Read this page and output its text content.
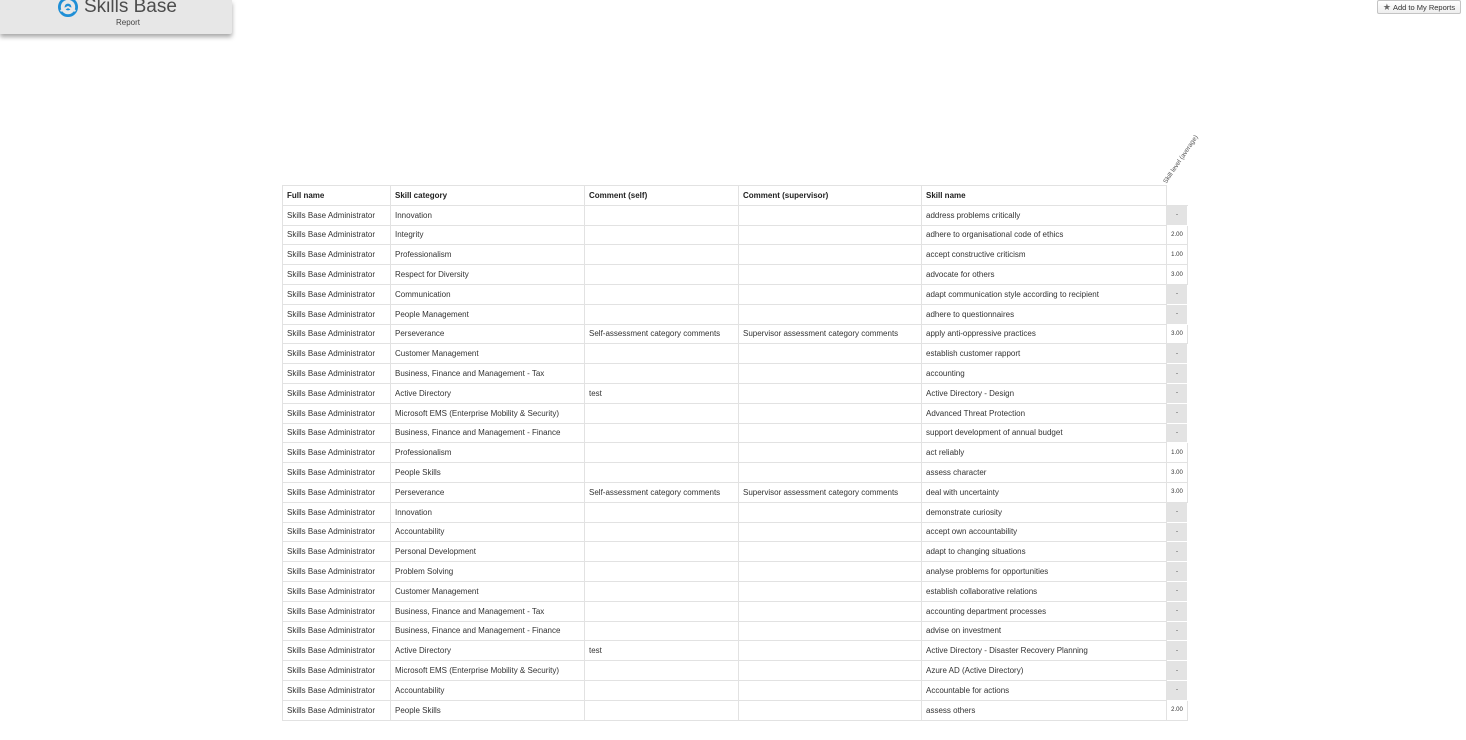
Skills Base
Report
★ Add to My Reports
Skill level (average)
Full name	Skill category	Comment (self)	Comment (supervisor)	Skill name	
Skills Base Administrator	Innovation			address problems critically	-
Skills Base Administrator	Integrity			adhere to organisational code of ethics	2.00
Skills Base Administrator	Professionalism			accept constructive criticism	1.00
Skills Base Administrator	Respect for Diversity			advocate for others	3.00
Skills Base Administrator	Communication			adapt communication style according to recipient	-
Skills Base Administrator	People Management			adhere to questionnaires	-
Skills Base Administrator	Perseverance	Self-assessment category comments	Supervisor assessment category comments	apply anti-oppressive practices	3.00
Skills Base Administrator	Customer Management			establish customer rapport	-
Skills Base Administrator	Business, Finance and Management - Tax			accounting	-
Skills Base Administrator	Active Directory	test		Active Directory - Design	-
Skills Base Administrator	Microsoft EMS (Enterprise Mobility & Security)			Advanced Threat Protection	-
Skills Base Administrator	Business, Finance and Management - Finance			support development of annual budget	-
Skills Base Administrator	Professionalism			act reliably	1.00
Skills Base Administrator	People Skills			assess character	3.00
Skills Base Administrator	Perseverance	Self-assessment category comments	Supervisor assessment category comments	deal with uncertainty	3.00
Skills Base Administrator	Innovation			demonstrate curiosity	-
Skills Base Administrator	Accountability			accept own accountability	-
Skills Base Administrator	Personal Development			adapt to changing situations	-
Skills Base Administrator	Problem Solving			analyse problems for opportunities	-
Skills Base Administrator	Customer Management			establish collaborative relations	-
Skills Base Administrator	Business, Finance and Management - Tax			accounting department processes	-
Skills Base Administrator	Business, Finance and Management - Finance			advise on investment	-
Skills Base Administrator	Active Directory	test		Active Directory - Disaster Recovery Planning	-
Skills Base Administrator	Microsoft EMS (Enterprise Mobility & Security)			Azure AD (Active Directory)	-
Skills Base Administrator	Accountability			Accountable for actions	-
Skills Base Administrator	People Skills			assess others	2.00
